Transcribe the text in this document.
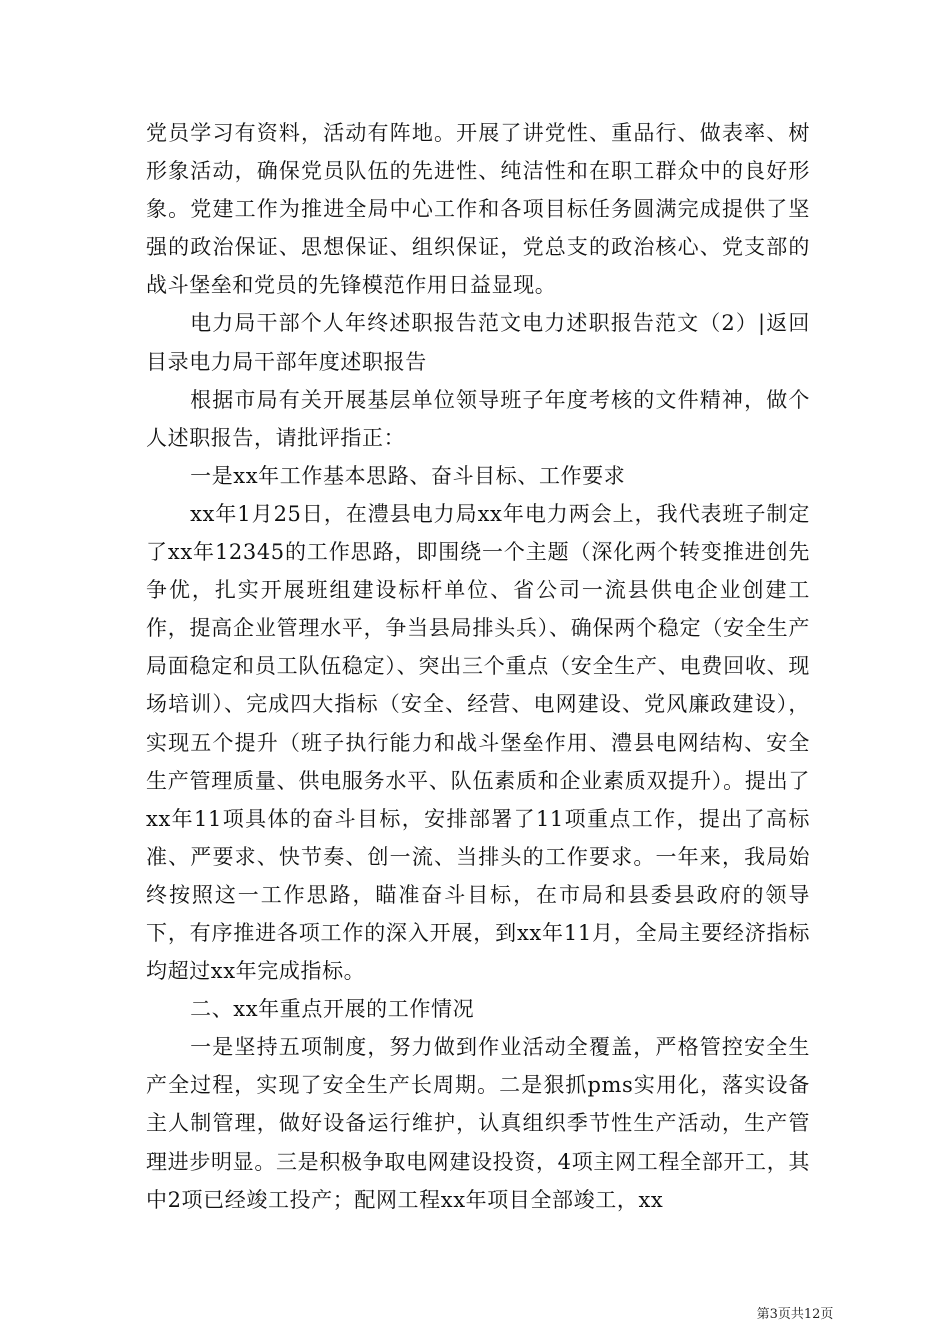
党员学习有资料，活动有阵地。开展了讲党性、重品行、做表率、树形象活动，确保党员队伍的先进性、纯洁性和在职工群众中的良好形象。党建工作为推进全局中心工作和各项目标任务圆满完成提供了坚强的政治保证、思想保证、组织保证，党总支的政治核心、党支部的战斗堡垒和党员的先锋模范作用日益显现。

电力局干部个人年终述职报告范文电力述职报告范文（2）|返回目录电力局干部年度述职报告

根据市局有关开展基层单位领导班子年度考核的文件精神，做个人述职报告，请批评指正：

一是xx年工作基本思路、奋斗目标、工作要求

xx年1月25日，在澧县电力局xx年电力两会上，我代表班子制定了xx年12345的工作思路，即围绕一个主题（深化两个转变推进创先争优，扎实开展班组建设标杆单位、省公司一流县供电企业创建工作，提高企业管理水平，争当县局排头兵）、确保两个稳定（安全生产局面稳定和员工队伍稳定）、突出三个重点（安全生产、电费回收、现场培训）、完成四大指标（安全、经营、电网建设、党风廉政建设），实现五个提升（班子执行能力和战斗堡垒作用、澧县电网结构、安全生产管理质量、供电服务水平、队伍素质和企业素质双提升）。提出了xx年11项具体的奋斗目标，安排部署了11项重点工作，提出了高标准、严要求、快节奏、创一流、当排头的工作要求。一年来，我局始终按照这一工作思路，瞄准奋斗目标，在市局和县委县政府的领导下，有序推进各项工作的深入开展，到xx年11月，全局主要经济指标均超过xx年完成指标。

二、xx年重点开展的工作情况

一是坚持五项制度，努力做到作业活动全覆盖，严格管控安全生产全过程，实现了安全生产长周期。二是狠抓pms实用化，落实设备主人制管理，做好设备运行维护，认真组织季节性生产活动，生产管理进步明显。三是积极争取电网建设投资，4项主网工程全部开工，其中2项已经竣工投产；配网工程xx年项目全部竣工，xx

第3页共12页
